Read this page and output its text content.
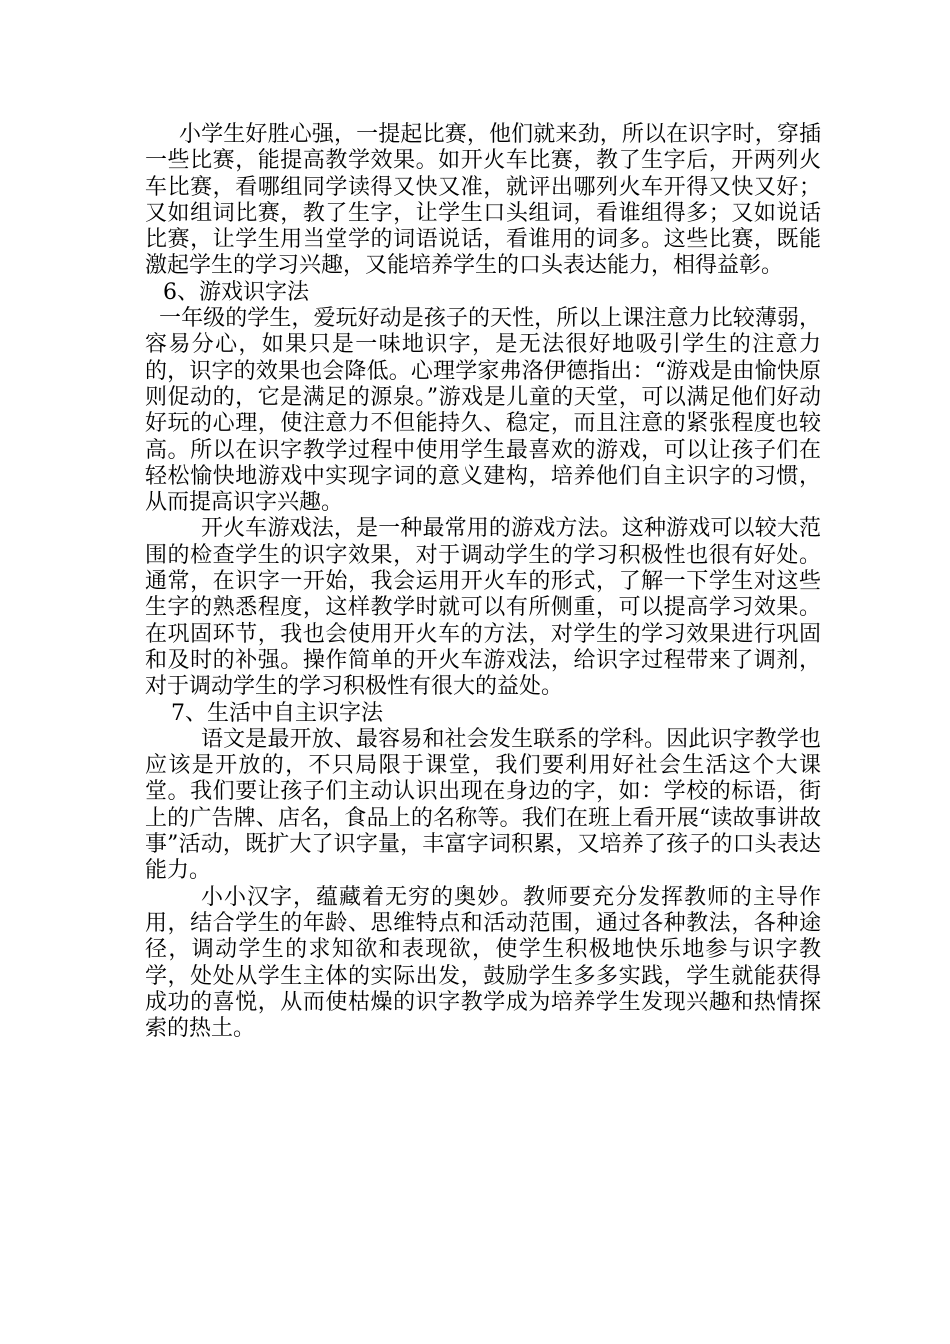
小学生好胜心强，一提起比赛，他们就来劲，所以在识字时，穿插一些比赛，能提高教学效果。如开火车比赛，教了生字后，开两列火车比赛，看哪组同学读得又快又准，就评出哪列火车开得又快又好；又如组词比赛，教了生字，让学生口头组词，看谁组得多；又如说话比赛，让学生用当堂学的词语说话，看谁用的词多。这些比赛，既能激起学生的学习兴趣，又能培养学生的口头表达能力，相得益彰。

6、游戏识字法

一年级的学生，爱玩好动是孩子的天性，所以上课注意力比较薄弱，容易分心，如果只是一味地识字，是无法很好地吸引学生的注意力的，识字的效果也会降低。心理学家弗洛伊德指出：“游戏是由愉快原则促动的，它是满足的源泉。”游戏是儿童的天堂，可以满足他们好动好玩的心理，使注意力不但能持久、稳定，而且注意的紧张程度也较高。所以在识字教学过程中使用学生最喜欢的游戏，可以让孩子们在轻松愉快地游戏中实现字词的意义建构，培养他们自主识字的习惯，从而提高识字兴趣。

开火车游戏法，是一种最常用的游戏方法。这种游戏可以较大范围的检查学生的识字效果，对于调动学生的学习积极性也很有好处。通常，在识字一开始，我会运用开火车的形式，了解一下学生对这些生字的熟悉程度，这样教学时就可以有所侧重，可以提高学习效果。在巩固环节，我也会使用开火车的方法，对学生的学习效果进行巩固和及时的补强。操作简单的开火车游戏法，给识字过程带来了调剂，对于调动学生的学习积极性有很大的益处。

7、生活中自主识字法

语文是最开放、最容易和社会发生联系的学科。因此识字教学也应该是开放的，不只局限于课堂，我们要利用好社会生活这个大课堂。我们要让孩子们主动认识出现在身边的字，如：学校的标语，街上的广告牌、店名，食品上的名称等。我们在班上看开展“读故事讲故事”活动，既扩大了识字量，丰富字词积累，又培养了孩子的口头表达能力。

小小汉字，蕴藏着无穷的奥妙。教师要充分发挥教师的主导作用，结合学生的年龄、思维特点和活动范围，通过各种教法，各种途径，调动学生的求知欲和表现欲，使学生积极地快乐地参与识字教学，处处从学生主体的实际出发，鼓励学生多多实践，学生就能获得成功的喜悦，从而使枯燥的识字教学成为培养学生发现兴趣和热情探索的热土。
